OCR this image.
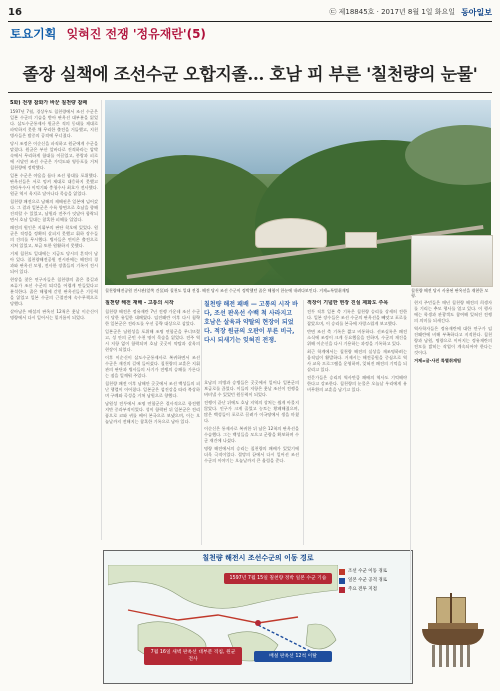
16	㉢ 제18845호 · 2017년 8월 1일 화요일 동아일보
토요기획 잊혀진 전쟁 '정유재란'(5)
졸장 실책에 조선수군 오합지졸… 호남 피 부른 '칠천량의 눈물'

5화) 전쟁 참화가 바꾼 칠천량 참패

1597년 7월, 경상우도 칠천량에서 조선 수군은 일본 수군의 기습을 받아 판옥선 대부분을 잃었다. 삼도수군통제사 원균은 적의 동태를 제대로 파악하지 못한 채 무리한 출전을 거듭했고, 지친 병사들은 밤중의 공격에 무너졌다.

당시 조정은 이순신을 파직하고 원균에게 수군을 맡겼다. 원균은 부산 앞바다로 진격하라는 압박 속에서 무리하게 함대를 이끌었고, 풍랑과 피로에 시달린 조선 수군은 가덕도와 영등포를 거쳐 칠천량에 정박했다.

일본 수군은 야음을 틈타 조선 함대를 포위했다. 판옥선들은 서로 엉켜 제대로 대응하지 못했고 전라우수사 이억기와 충청수사 최호가 전사했다. 원균 역시 육지로 달아나다 목숨을 잃었다.

칠천량 패전으로 남해의 제해권은 일본에 넘어갔다. 그 결과 일본군은 수륙 양면으로 호남을 향해 진격할 수 있었고, 남원과 전주가 잇달아 함락되면서 호남 일대는 참혹한 피해를 입었다.

패전의 원인은 지휘부의 판단 착오에 있었다. 원균은 적정을 정확히 살피지 못했고 휘하 장수들의 건의를 무시했다. 병사들은 연이은 출전으로 지쳐 있었고, 보급 또한 원활하지 못했다.

거제 칠천도 일대에는 지금도 당시의 흔적이 남아 있다. 칠천량해전공원 전시관에는 해전의 경과와 판옥선 모형, 전사한 장졸들의 기록이 전시되어 있다.

현장을 찾은 연구자들은 칠천량의 좁은 물길과 조류가 조선 수군의 퇴각을 어렵게 만들었다고 분석한다. 좁은 해협에 갇힌 판옥선들은 기동력을 잃었고 일본 수군의 근접전에 속수무책으로 당했다.

살아남은 배설의 판옥선 12척은 훗날 이순신이 명량에서 다시 일어서는 밑거름이 되었다.

칠천량해전공원 전시관(앞쪽 건물)과 칠천도 일대 전경. 해전 당시 조선 수군이 정박했던 좁은 해협이 한눈에 내려다보인다. 거제=특별취재팀	칠천량 해전 당시 사용된 판옥선을 재현한 모형.

칠천량 해전 재해 - 고통의 시작

칠천량 해전은 정유재란 7년 전쟁 가운데 조선 수군이 당한 유일한 대패였다. 임진왜란 이후 다시 침략한 일본군은 전라도를 우선 공략 대상으로 삼았다.

일본군은 남원성을 포위해 조명 연합군을 무너뜨렸고, 성 안의 군민 수천 명이 목숨을 잃었다. 전주 역시 저항 없이 함락되며 호남 곳곳이 약탈과 살육의 현장이 되었다.

이후 이순신이 삼도수군통제사로 복귀하면서 조선 수군은 재건의 길에 들어섰다. 칠천량의 교훈은 지휘관의 판단과 병사들의 사기가 전쟁의 승패를 가른다는 점을 일깨워 주었다.

칠천량 패전 이후 남해안 곳곳에서 조선 백성들의 피난 행렬이 이어졌다. 일본군은 섬진강을 따라 북상하며 구례와 곡성을 거쳐 남원으로 향했다.

남원성 전투에서 조명 연합군은 결사적으로 항전했지만 중과부적이었다. 성이 함락된 뒤 일본군은 전리품으로 코와 귀를 베어 본국으로 보냈으며, 이는 오늘날까지 전해지는 참혹한 기록으로 남아 있다.

칠천량 해전 패배 — 고통의 시작 바다, 조선 판옥선 수백 척 사라지고 호남은 살육과 약탈의 현장이 되었다. 적장 원균의 오판이 부른 비극, 다시 되새기는 잊혀진 전쟁.

호남의 의병과 승병들은 곳곳에서 일어나 일본군의 보급로를 끊었다. 이들의 저항은 훗날 조선이 전쟁을 버텨낼 수 있었던 원동력이 되었다.

전쟁이 끝난 뒤에도 호남 지역의 상처는 쉽게 아물지 않았다. 인구가 크게 줄었고 농토는 황폐해졌으며, 많은 백성들이 포로로 끌려가 이국땅에서 생을 마쳤다.

이순신은 통제사로 복귀한 뒤 남은 12척의 판옥선을 수습했다. 그는 백성들을 모으고 군량을 확보하며 수군 재건에 나섰다.

명량 해전에서의 승리는 칠천량의 패배가 있었기에 더욱 극적이었다. 절망의 끝에서 다시 일어선 조선 수군의 이야기는 오늘날까지 큰 울림을 준다.

적장이 기념한 현장 진실 제화도 주목

전투 직후 일본 측 기록은 칠천량 승리를 상세히 전한다. 일본 장수들은 조선 수군의 판옥선을 빼앗고 포로를 잡았으며, 이 승리를 본국에 자랑스럽게 보고했다.

반면 조선 측 기록은 짧고 비통하다. 선조실록은 패전 소식에 조정이 크게 동요했음을 전하며, 수군의 재건을 위해 이순신을 다시 기용하는 과정을 기록하고 있다.

최근 학계에서는 칠천량 해전의 실상을 재조명하려는 움직임이 활발하다. 거제시는 해전공원을 중심으로 역사 교육 프로그램을 운영하며, 잊혀진 패전의 기억을 되살리고 있다.

전문가들은 승리의 역사만큼 패배의 역사도 기억해야 한다고 강조한다. 칠천량의 눈물은 오늘날 우리에게 유비무환의 교훈을 남기고 있다.

현지 주민들은 매년 칠천량 해전의 희생자를 기리는 추모 행사를 열고 있다. 이 행사에는 학생과 관광객도 참여해 잊혀진 전쟁의 의미를 되새긴다.

역사학자들은 정유재란에 대한 연구가 임진왜란에 비해 부족하다고 지적한다. 칠천량과 남원, 명량으로 이어지는 정유재란의 전모를 밝히는 작업이 계속되어야 한다는 것이다.

거제=글·사진 특별취재팀

칠천량 해전시 조선수군의 이동 경로
1597년 7월 15일 칠천량 정박 일본 수군 기습
7월 16일 새벽 판옥선 대부분 격침, 원균 전사
배설 판옥선 12척 이탈
조선 수군 이동 경로
일본 수군 공격 경로
주요 전투 지점
